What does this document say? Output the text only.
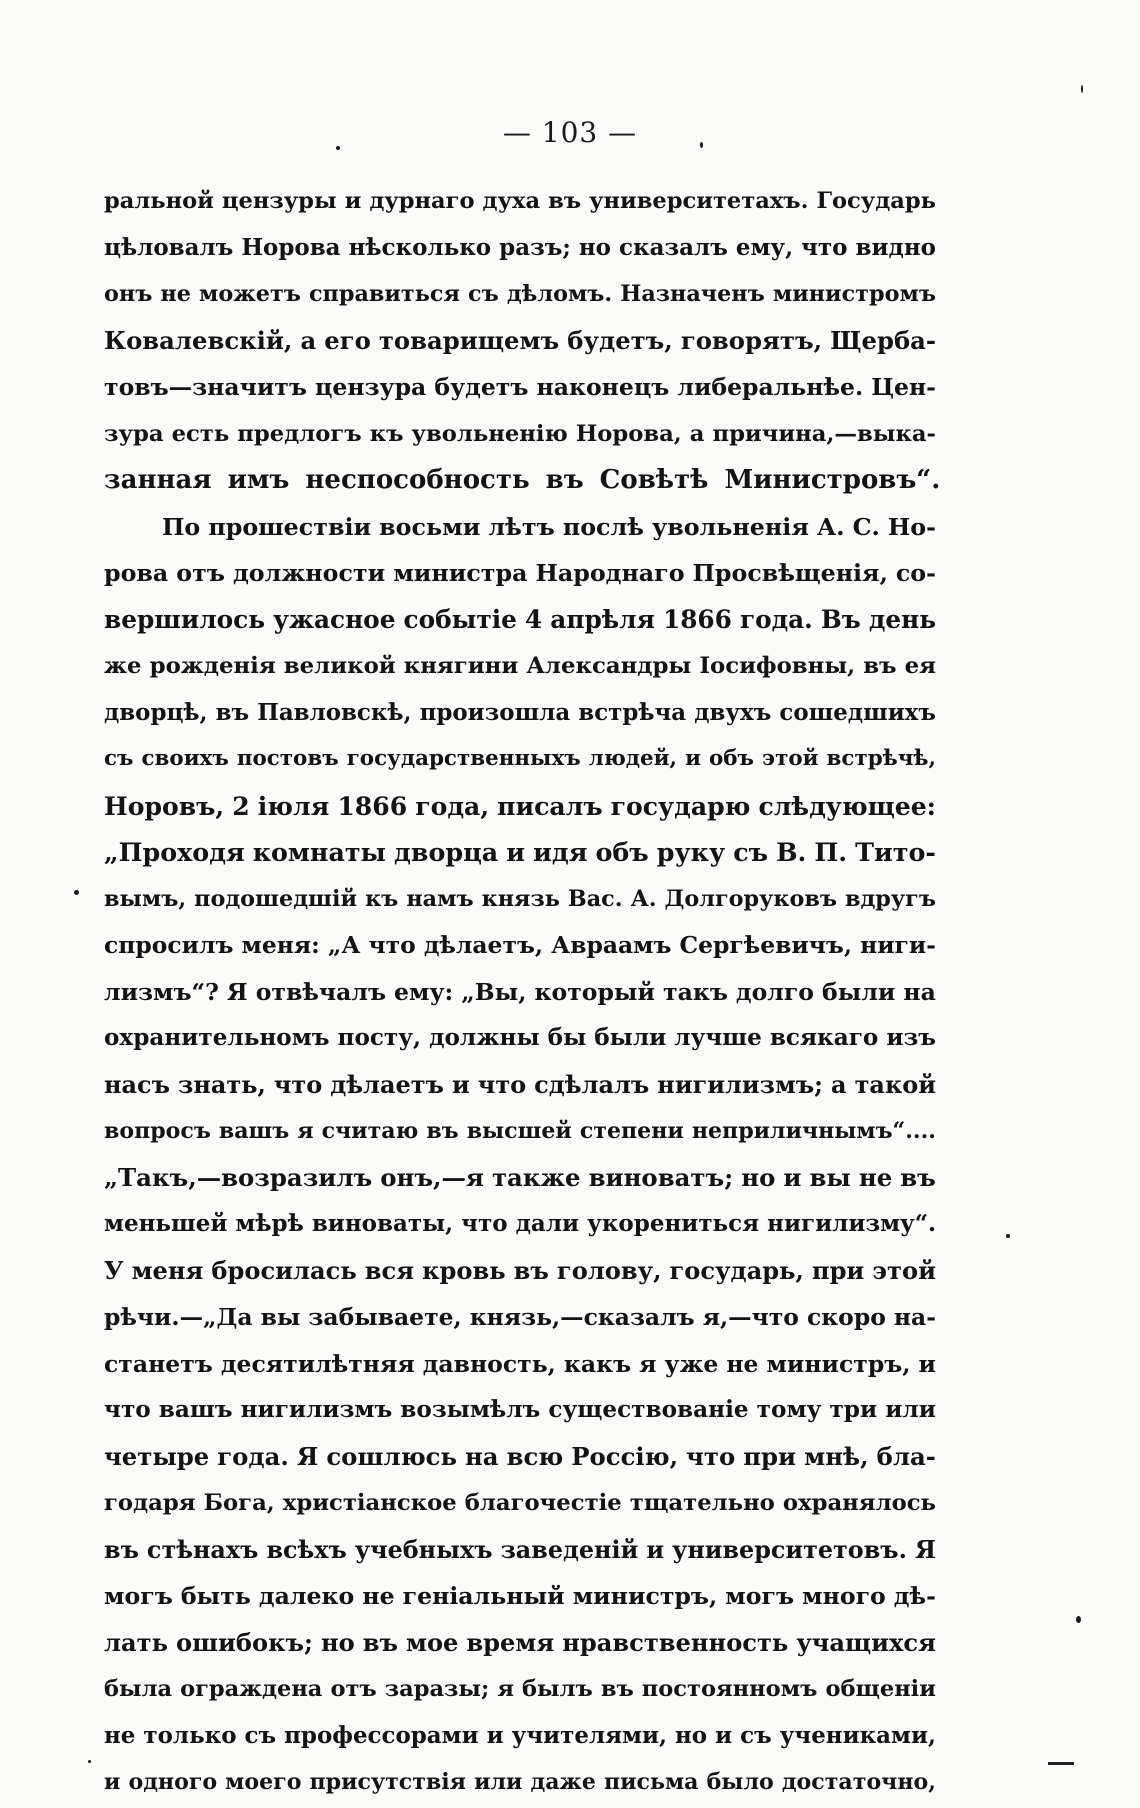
— 103 —
ральной цензуры и дурнаго духа въ университетахъ. Государь
цѣловалъ Норова нѣсколько разъ; но сказалъ ему, что видно
онъ не можетъ справиться съ дѣломъ. Назначенъ министромъ
Ковалевскій, а его товарищемъ будетъ, говорятъ, Щерба-
товъ—значитъ цензура будетъ наконецъ либеральнѣе. Цен-
зура есть предлогъ къ увольненію Норова, а причина,—выка-
занная имъ неспособность въ Совѣтѣ Министровъ“.
По прошествіи восьми лѣтъ послѣ увольненія А. С. Но-
рова отъ должности министра Народнаго Просвѣщенія, со-
вершилось ужасное событіе 4 апрѣля 1866 года. Въ день
же рожденія великой княгини Александры Іосифовны, въ ея
дворцѣ, въ Павловскѣ, произошла встрѣча двухъ сошедшихъ
съ своихъ постовъ государственныхъ людей, и объ этой встрѣчѣ,
Норовъ, 2 іюля 1866 года, писалъ государю слѣдующее:
„Проходя комнаты дворца и идя объ руку съ В. П. Тито-
вымъ, подошедшій къ намъ князь Вас. А. Долгоруковъ вдругъ
спросилъ меня: „А что дѣлаетъ, Авраамъ Сергѣевичъ, ниги-
лизмъ“? Я отвѣчалъ ему: „Вы, который такъ долго были на
охранительномъ посту, должны бы были лучше всякаго изъ
насъ знать, что дѣлаетъ и что сдѣлалъ нигилизмъ; а такой
вопросъ вашъ я считаю въ высшей степени неприличнымъ“....
„Такъ,—возразилъ онъ,—я также виноватъ; но и вы не въ
меньшей мѣрѣ виноваты, что дали укорениться нигилизму“.
У меня бросилась вся кровь въ голову, государь, при этой
рѣчи.—„Да вы забываете, князь,—сказалъ я,—что скоро на-
станетъ десятилѣтняя давность, какъ я уже не министръ, и
что вашъ нигилизмъ возымѣлъ существованіе тому три или
четыре года. Я сошлюсь на всю Россію, что при мнѣ, бла-
годаря Бога, христіанское благочестіе тщательно охранялось
въ стѣнахъ всѣхъ учебныхъ заведеній и университетовъ. Я
могъ быть далеко не геніальный министръ, могъ много дѣ-
лать ошибокъ; но въ мое время нравственность учащихся
была ограждена отъ заразы; я былъ въ постоянномъ общеніи
не только съ профессорами и учителями, но и съ учениками,
и одного моего присутствія или даже письма было достаточно,
